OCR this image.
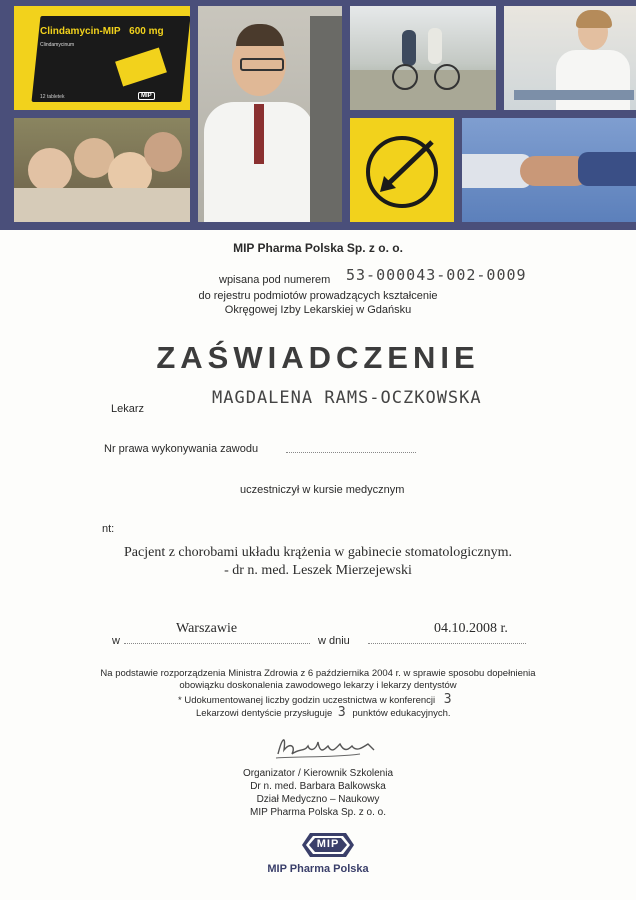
Clindamycin-MIP 600 mg
Clindamycinum
12 tabletek	MIP
MIP Pharma Polska Sp. z o. o.
wpisana pod numerem 53-000043-002-0009
do rejestru podmiotów prowadzących kształcenie
Okręgowej Izby Lekarskiej w Gdańsku
ZAŚWIADCZENIE
Lekarz
MAGDALENA RAMS-OCZKOWSKA
Nr prawa wykonywania zawodu
uczestniczył w kursie medycznym
nt:
Pacjent z chorobami układu krążenia w gabinecie stomatologicznym.
- dr n. med. Leszek Mierzejewski
w
Warszawie
w dniu
04.10.2008 r.
Na podstawie rozporządzenia Ministra Zdrowia z 6 października 2004 r. w sprawie sposobu dopełnienia
obowiązku doskonalenia zawodowego lekarzy i lekarzy dentystów
* Udokumentowanej liczby godzin uczestnictwa w konferencji 3
Lekarzowi dentyście przysługuje 3 punktów edukacyjnych.
Organizator / Kierownik Szkolenia
Dr n. med. Barbara Balkowska
Dział Medyczno – Naukowy
MIP Pharma Polska Sp. z o. o.
MIP
MIP Pharma Polska
